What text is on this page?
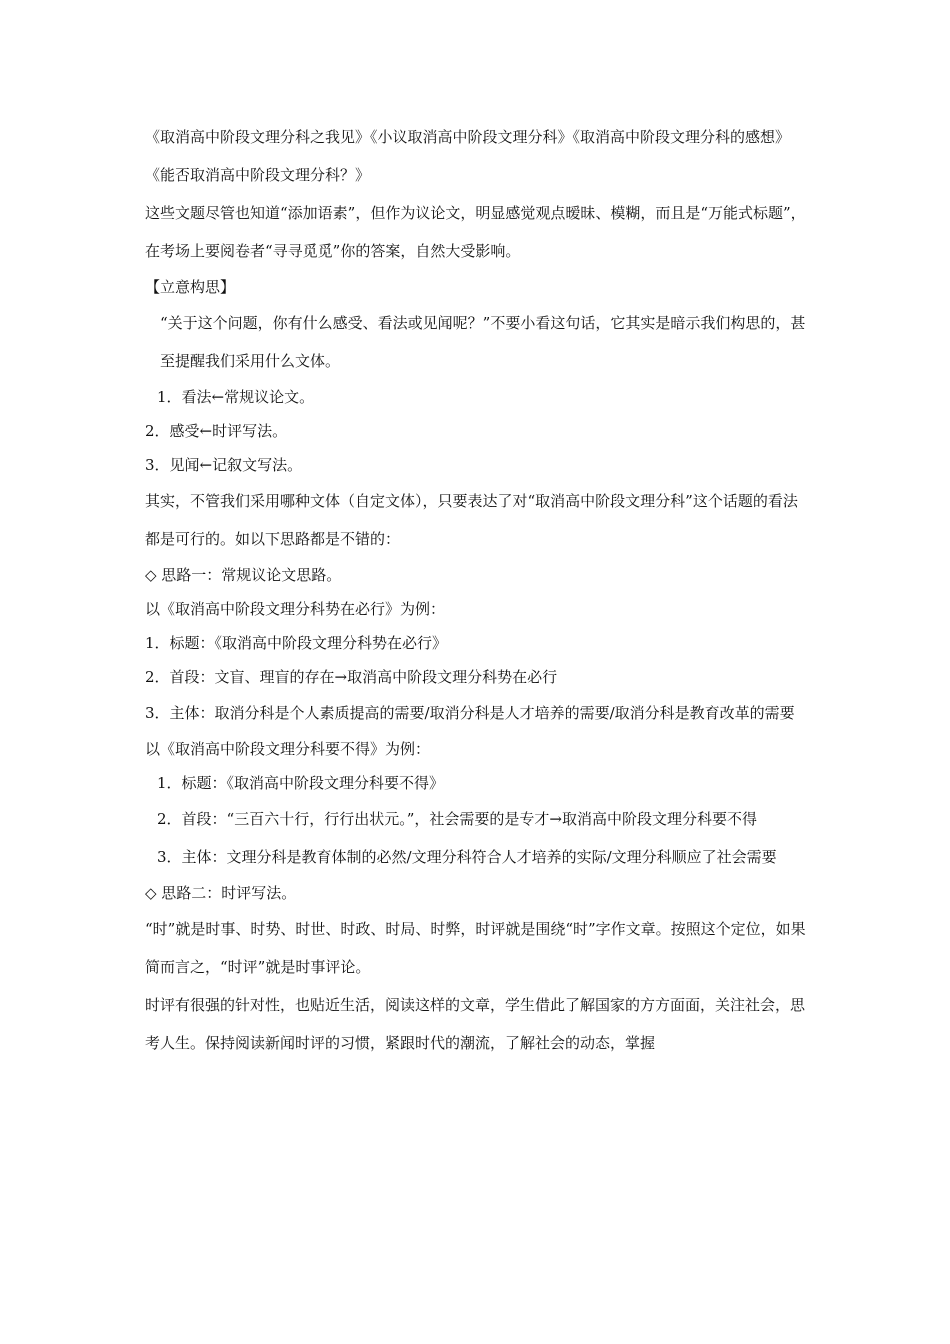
《取消高中阶段文理分科之我见》《小议取消高中阶段文理分科》《取消高中阶段文理分科的感想》《能否取消高中阶段文理分科？》

这些文题尽管也知道“添加语素”，但作为议论文，明显感觉观点暧昧、模糊，而且是“万能式标题”，在考场上要阅卷者“寻寻觅觅”你的答案，自然大受影响。

【立意构思】

“关于这个问题，你有什么感受、看法或见闻呢？”不要小看这句话，它其实是暗示我们构思的，甚至提醒我们采用什么文体。

1．看法←常规议论文。

2．感受←时评写法。

3．见闻←记叙文写法。

其实，不管我们采用哪种文体（自定文体），只要表达了对“取消高中阶段文理分科”这个话题的看法都是可行的。如以下思路都是不错的：

◇ 思路一：常规议论文思路。

以《取消高中阶段文理分科势在必行》为例：

1．标题：《取消高中阶段文理分科势在必行》

2．首段：文盲、理盲的存在→取消高中阶段文理分科势在必行

3．主体：取消分科是个人素质提高的需要/取消分科是人才培养的需要/取消分科是教育改革的需要

以《取消高中阶段文理分科要不得》为例：

1．标题：《取消高中阶段文理分科要不得》

2．首段：“三百六十行，行行出状元。”，社会需要的是专才→取消高中阶段文理分科要不得

3．主体：文理分科是教育体制的必然/文理分科符合人才培养的实际/文理分科顺应了社会需要

◇ 思路二：时评写法。

“时”就是时事、时势、时世、时政、时局、时弊，时评就是围绕“时”字作文章。按照这个定位，如果简而言之，“时评”就是时事评论。

时评有很强的针对性，也贴近生活，阅读这样的文章，学生借此了解国家的方方面面，关注社会，思考人生。保持阅读新闻时评的习惯，紧跟时代的潮流，了解社会的动态，掌握
